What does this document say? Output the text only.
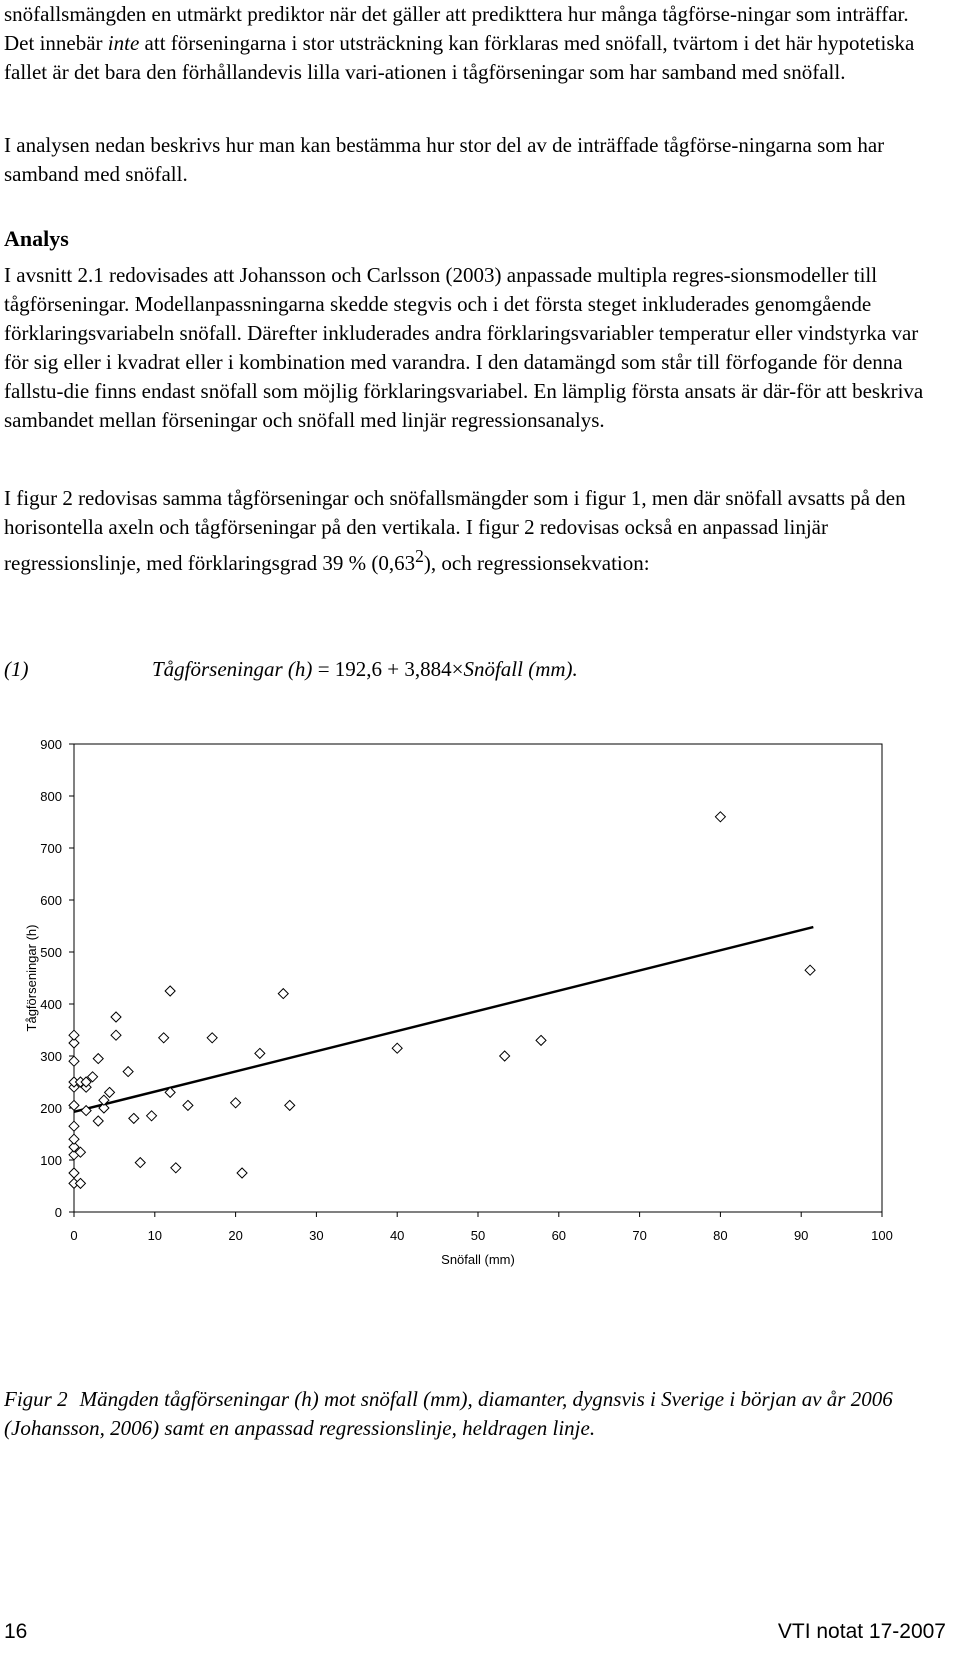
snöfallsmängden en utmärkt prediktor när det gäller att predikttera hur många tågförse-ningar som inträffar. Det innebär inte att förseningarna i stor utsträckning kan förklaras med snöfall, tvärtom i det här hypotetiska fallet är det bara den förhållandevis lilla vari-ationen i tågförseningar som har samband med snöfall.

I analysen nedan beskrivs hur man kan bestämma hur stor del av de inträffade tågförse-ningarna som har samband med snöfall.

Analys

I avsnitt 2.1 redovisades att Johansson och Carlsson (2003) anpassade multipla regres-sionsmodeller till tågförseningar. Modellanpassningarna skedde stegvis och i det första steget inkluderades genomgående förklaringsvariabeln snöfall. Därefter inkluderades andra förklaringsvariabler temperatur eller vindstyrka var för sig eller i kvadrat eller i kombination med varandra. I den datamängd som står till förfogande för denna fallstu-die finns endast snöfall som möjlig förklaringsvariabel. En lämplig första ansats är där-för att beskriva sambandet mellan förseningar och snöfall med linjär regressionsanalys.

I figur 2 redovisas samma tågförseningar och snöfallsmängder som i figur 1, men där snöfall avsatts på den horisontella axeln och tågförseningar på den vertikala. I figur 2 redovisas också en anpassad linjär regressionslinje, med förklaringsgrad 39 % (0,63$^2$), och regressionsekvation:

(1)	Tågförseningar (h) = 192,6 + 3,884×Snöfall (mm).
0
100
200
300
400
500
600
700
800
900
0	10	20	30	40	50	60	70	80	90	100
Snöfall (mm)
Tågförseningar (h)

Figur 2 Mängden tågförseningar (h) mot snöfall (mm), diamanter, dygnsvis i Sverige i början av år 2006 (Johansson, 2006) samt en anpassad regressionslinje, heldragen linje.

16	VTI notat 17-2007
